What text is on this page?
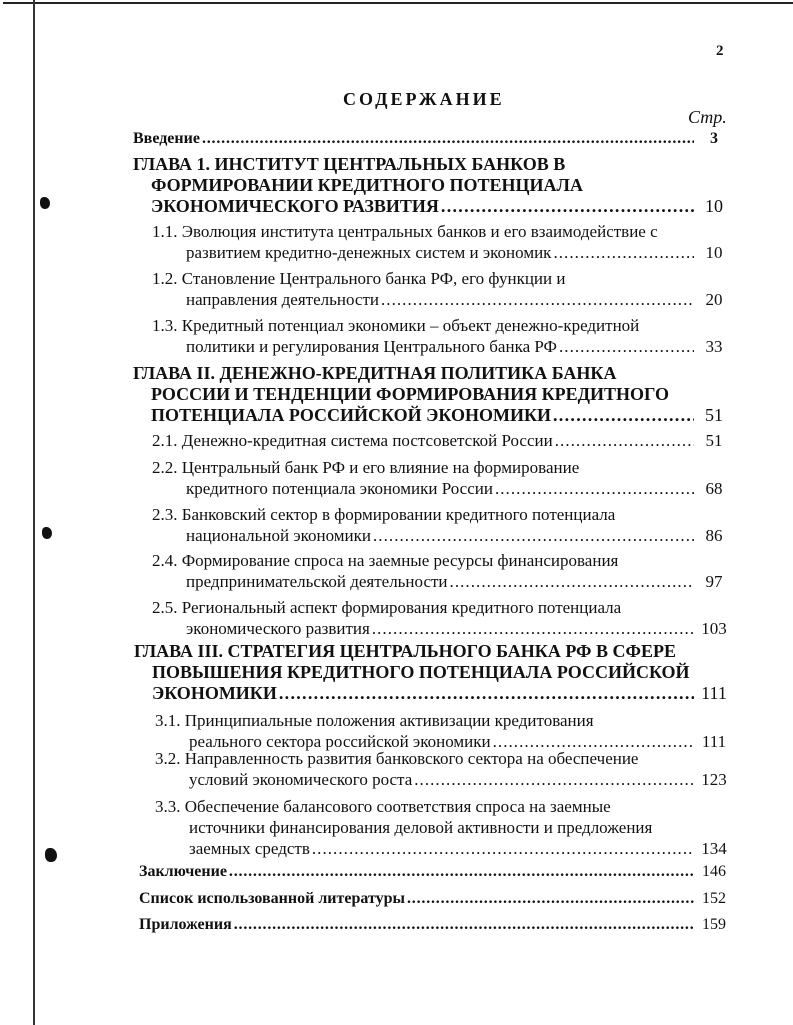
2
СОДЕРЖАНИЕ
Стр.
Введение . . .	3
ГЛАВА 1. ИНСТИТУТ ЦЕНТРАЛЬНЫХ БАНКОВ В
ФОРМИРОВАНИИ КРЕДИТНОГО ПОТЕНЦИАЛА
ЭКОНОМИЧЕСКОГО РАЗВИТИЯ . . .	10
1.1. Эволюция института центральных банков и его взаимодействие с
развитием кредитно-денежных систем и экономик . . .	10
1.2. Становление Центрального банка РФ, его функции и
направления деятельности . . .	20
1.3. Кредитный потенциал экономики – объект денежно-кредитной
политики и регулирования Центрального банка РФ . . .	33
ГЛАВА II. ДЕНЕЖНО-КРЕДИТНАЯ ПОЛИТИКА БАНКА
РОССИИ И ТЕНДЕНЦИИ ФОРМИРОВАНИЯ КРЕДИТНОГО
ПОТЕНЦИАЛА РОССИЙСКОЙ ЭКОНОМИКИ . . .	51
2.1. Денежно-кредитная система постсоветской России . . .	51
2.2. Центральный банк РФ и его влияние на формирование
кредитного потенциала экономики России . . .	68
2.3. Банковский сектор в формировании кредитного потенциала
национальной экономики . . .	86
2.4. Формирование спроса на заемные ресурсы финансирования
предпринимательской деятельности . . .	97
2.5. Региональный аспект формирования кредитного потенциала
экономического развития . . .	103
ГЛАВА III. СТРАТЕГИЯ ЦЕНТРАЛЬНОГО БАНКА РФ В СФЕРЕ
ПОВЫШЕНИЯ КРЕДИТНОГО ПОТЕНЦИАЛА РОССИЙСКОЙ
ЭКОНОМИКИ . . .	111
3.1. Принципиальные положения активизации кредитования
реального сектора российской экономики . . .	111
3.2. Направленность развития банковского сектора на обеспечение
условий экономического роста . . .	123
3.3. Обеспечение балансового соответствия спроса на заемные
источники финансирования деловой активности и предложения
заемных средств . . .	134
Заключение . . .	146
Список использованной литературы . . .	152
Приложения . . .	159
